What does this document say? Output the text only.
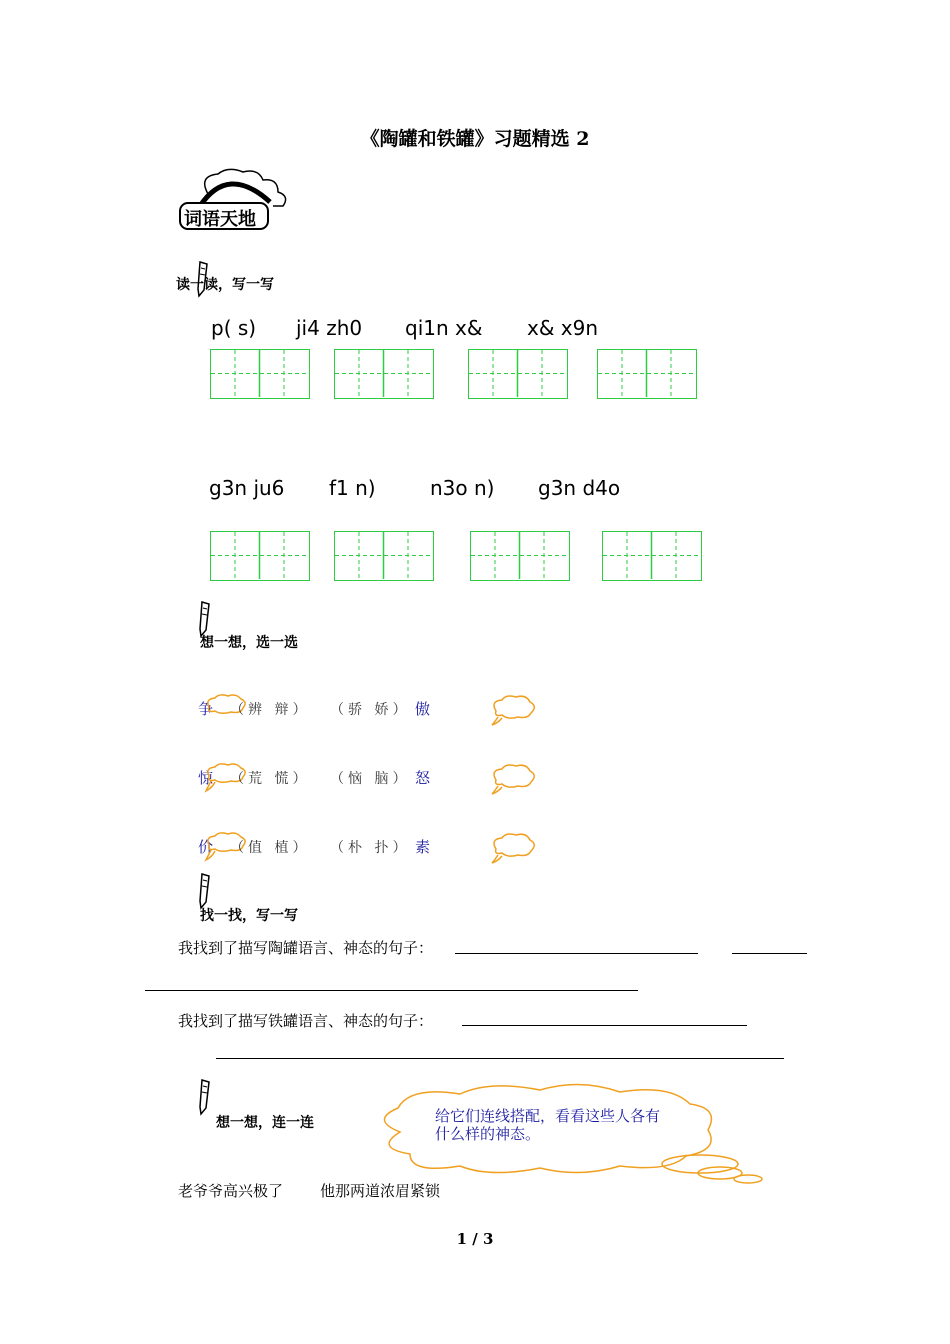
《陶罐和铁罐》习题精选 2
词语天地
读一读，写一写
p( s) ji4 zh0 qi1n x& x& x9n
g3n ju6 f1 n)	n3o n) g3n d4o
想一想，选一选
争 （辨 辩） （骄 娇） 傲
惊 （荒 慌） （恼 脑） 怒
价 （值 植） （朴 扑） 素
找一找，写一写
我找到了描写陶罐语言、神态的句子：
我找到了描写铁罐语言、神态的句子：
想一想，连一连	给它们连线搭配，看看这些人各有什么样的神态。
老爷爷高兴极了 他那两道浓眉紧锁
1 / 3
